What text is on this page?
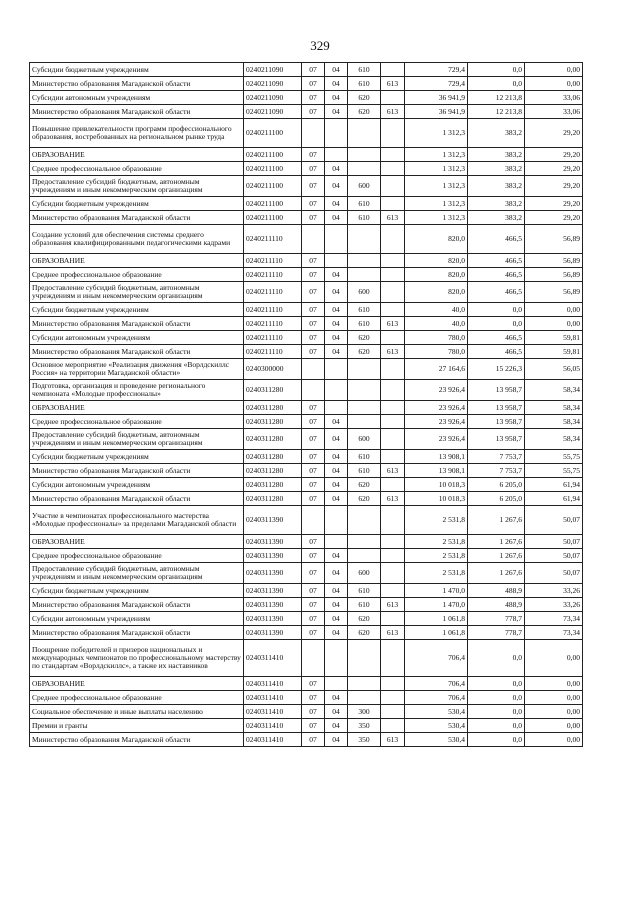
329
Субсидии бюджетным учреждениям	0240211090	07	04	610		729,4	0,0	0,00
Министерство образования Магаданской области	0240211090	07	04	610	613	729,4	0,0	0,00
Субсидии автономным учреждениям	0240211090	07	04	620		36 941,9	12 213,8	33,06
Министерство образования Магаданской области	0240211090	07	04	620	613	36 941,9	12 213,8	33,06
Повышение привлекательности программ профессионального образования, востребованных на региональном рынке труда	0240211100					1 312,3	383,2	29,20
ОБРАЗОВАНИЕ	0240211100	07				1 312,3	383,2	29,20
Среднее профессиональное образование	0240211100	07	04			1 312,3	383,2	29,20
Предоставление субсидий бюджетным, автономным учреждениям и иным некоммерческим организациям	0240211100	07	04	600		1 312,3	383,2	29,20
Субсидии бюджетным учреждениям	0240211100	07	04	610		1 312,3	383,2	29,20
Министерство образования Магаданской области	0240211100	07	04	610	613	1 312,3	383,2	29,20
Создание условий для обеспечения системы среднего образования квалифицированными педагогическими кадрами	0240211110					820,0	466,5	56,89
ОБРАЗОВАНИЕ	0240211110	07				820,0	466,5	56,89
Среднее профессиональное образование	0240211110	07	04			820,0	466,5	56,89
Предоставление субсидий бюджетным, автономным учреждениям и иным некоммерческим организациям	0240211110	07	04	600		820,0	466,5	56,89
Субсидии бюджетным учреждениям	0240211110	07	04	610		40,0	0,0	0,00
Министерство образования Магаданской области	0240211110	07	04	610	613	40,0	0,0	0,00
Субсидии автономным учреждениям	0240211110	07	04	620		780,0	466,5	59,81
Министерство образования Магаданской области	0240211110	07	04	620	613	780,0	466,5	59,81
Основное мероприятие «Реализация движения «Ворлдскиллс Россия» на территории Магаданской области»	0240300000					27 164,6	15 226,3	56,05
Подготовка, организация и проведение регионального чемпионата «Молодые профессионалы»	0240311280					23 926,4	13 958,7	58,34
ОБРАЗОВАНИЕ	0240311280	07				23 926,4	13 958,7	58,34
Среднее профессиональное образование	0240311280	07	04			23 926,4	13 958,7	58,34
Предоставление субсидий бюджетным, автономным учреждениям и иным некоммерческим организациям	0240311280	07	04	600		23 926,4	13 958,7	58,34
Субсидии бюджетным учреждениям	0240311280	07	04	610		13 908,1	7 753,7	55,75
Министерство образования Магаданской области	0240311280	07	04	610	613	13 908,1	7 753,7	55,75
Субсидии автономным учреждениям	0240311280	07	04	620		10 018,3	6 205,0	61,94
Министерство образования Магаданской области	0240311280	07	04	620	613	10 018,3	6 205,0	61,94
Участие в чемпионатах профессионального мастерства «Молодые профессионалы» за пределами Магаданской области	0240311390					2 531,8	1 267,6	50,07
ОБРАЗОВАНИЕ	0240311390	07				2 531,8	1 267,6	50,07
Среднее профессиональное образование	0240311390	07	04			2 531,8	1 267,6	50,07
Предоставление субсидий бюджетным, автономным учреждениям и иным некоммерческим организациям	0240311390	07	04	600		2 531,8	1 267,6	50,07
Субсидии бюджетным учреждениям	0240311390	07	04	610		1 470,0	488,9	33,26
Министерство образования Магаданской области	0240311390	07	04	610	613	1 470,0	488,9	33,26
Субсидии автономным учреждениям	0240311390	07	04	620		1 061,8	778,7	73,34
Министерство образования Магаданской области	0240311390	07	04	620	613	1 061,8	778,7	73,34
Поощрение победителей и призеров национальных и международных чемпионатов по профессиональному мастерству по стандартам «Ворлдскиллс», а также их наставников	0240311410					706,4	0,0	0,00
ОБРАЗОВАНИЕ	0240311410	07				706,4	0,0	0,00
Среднее профессиональное образование	0240311410	07	04			706,4	0,0	0,00
Социальное обеспечение и иные выплаты населению	0240311410	07	04	300		530,4	0,0	0,00
Премии и гранты	0240311410	07	04	350		530,4	0,0	0,00
Министерство образования Магаданской области	0240311410	07	04	350	613	530,4	0,0	0,00
